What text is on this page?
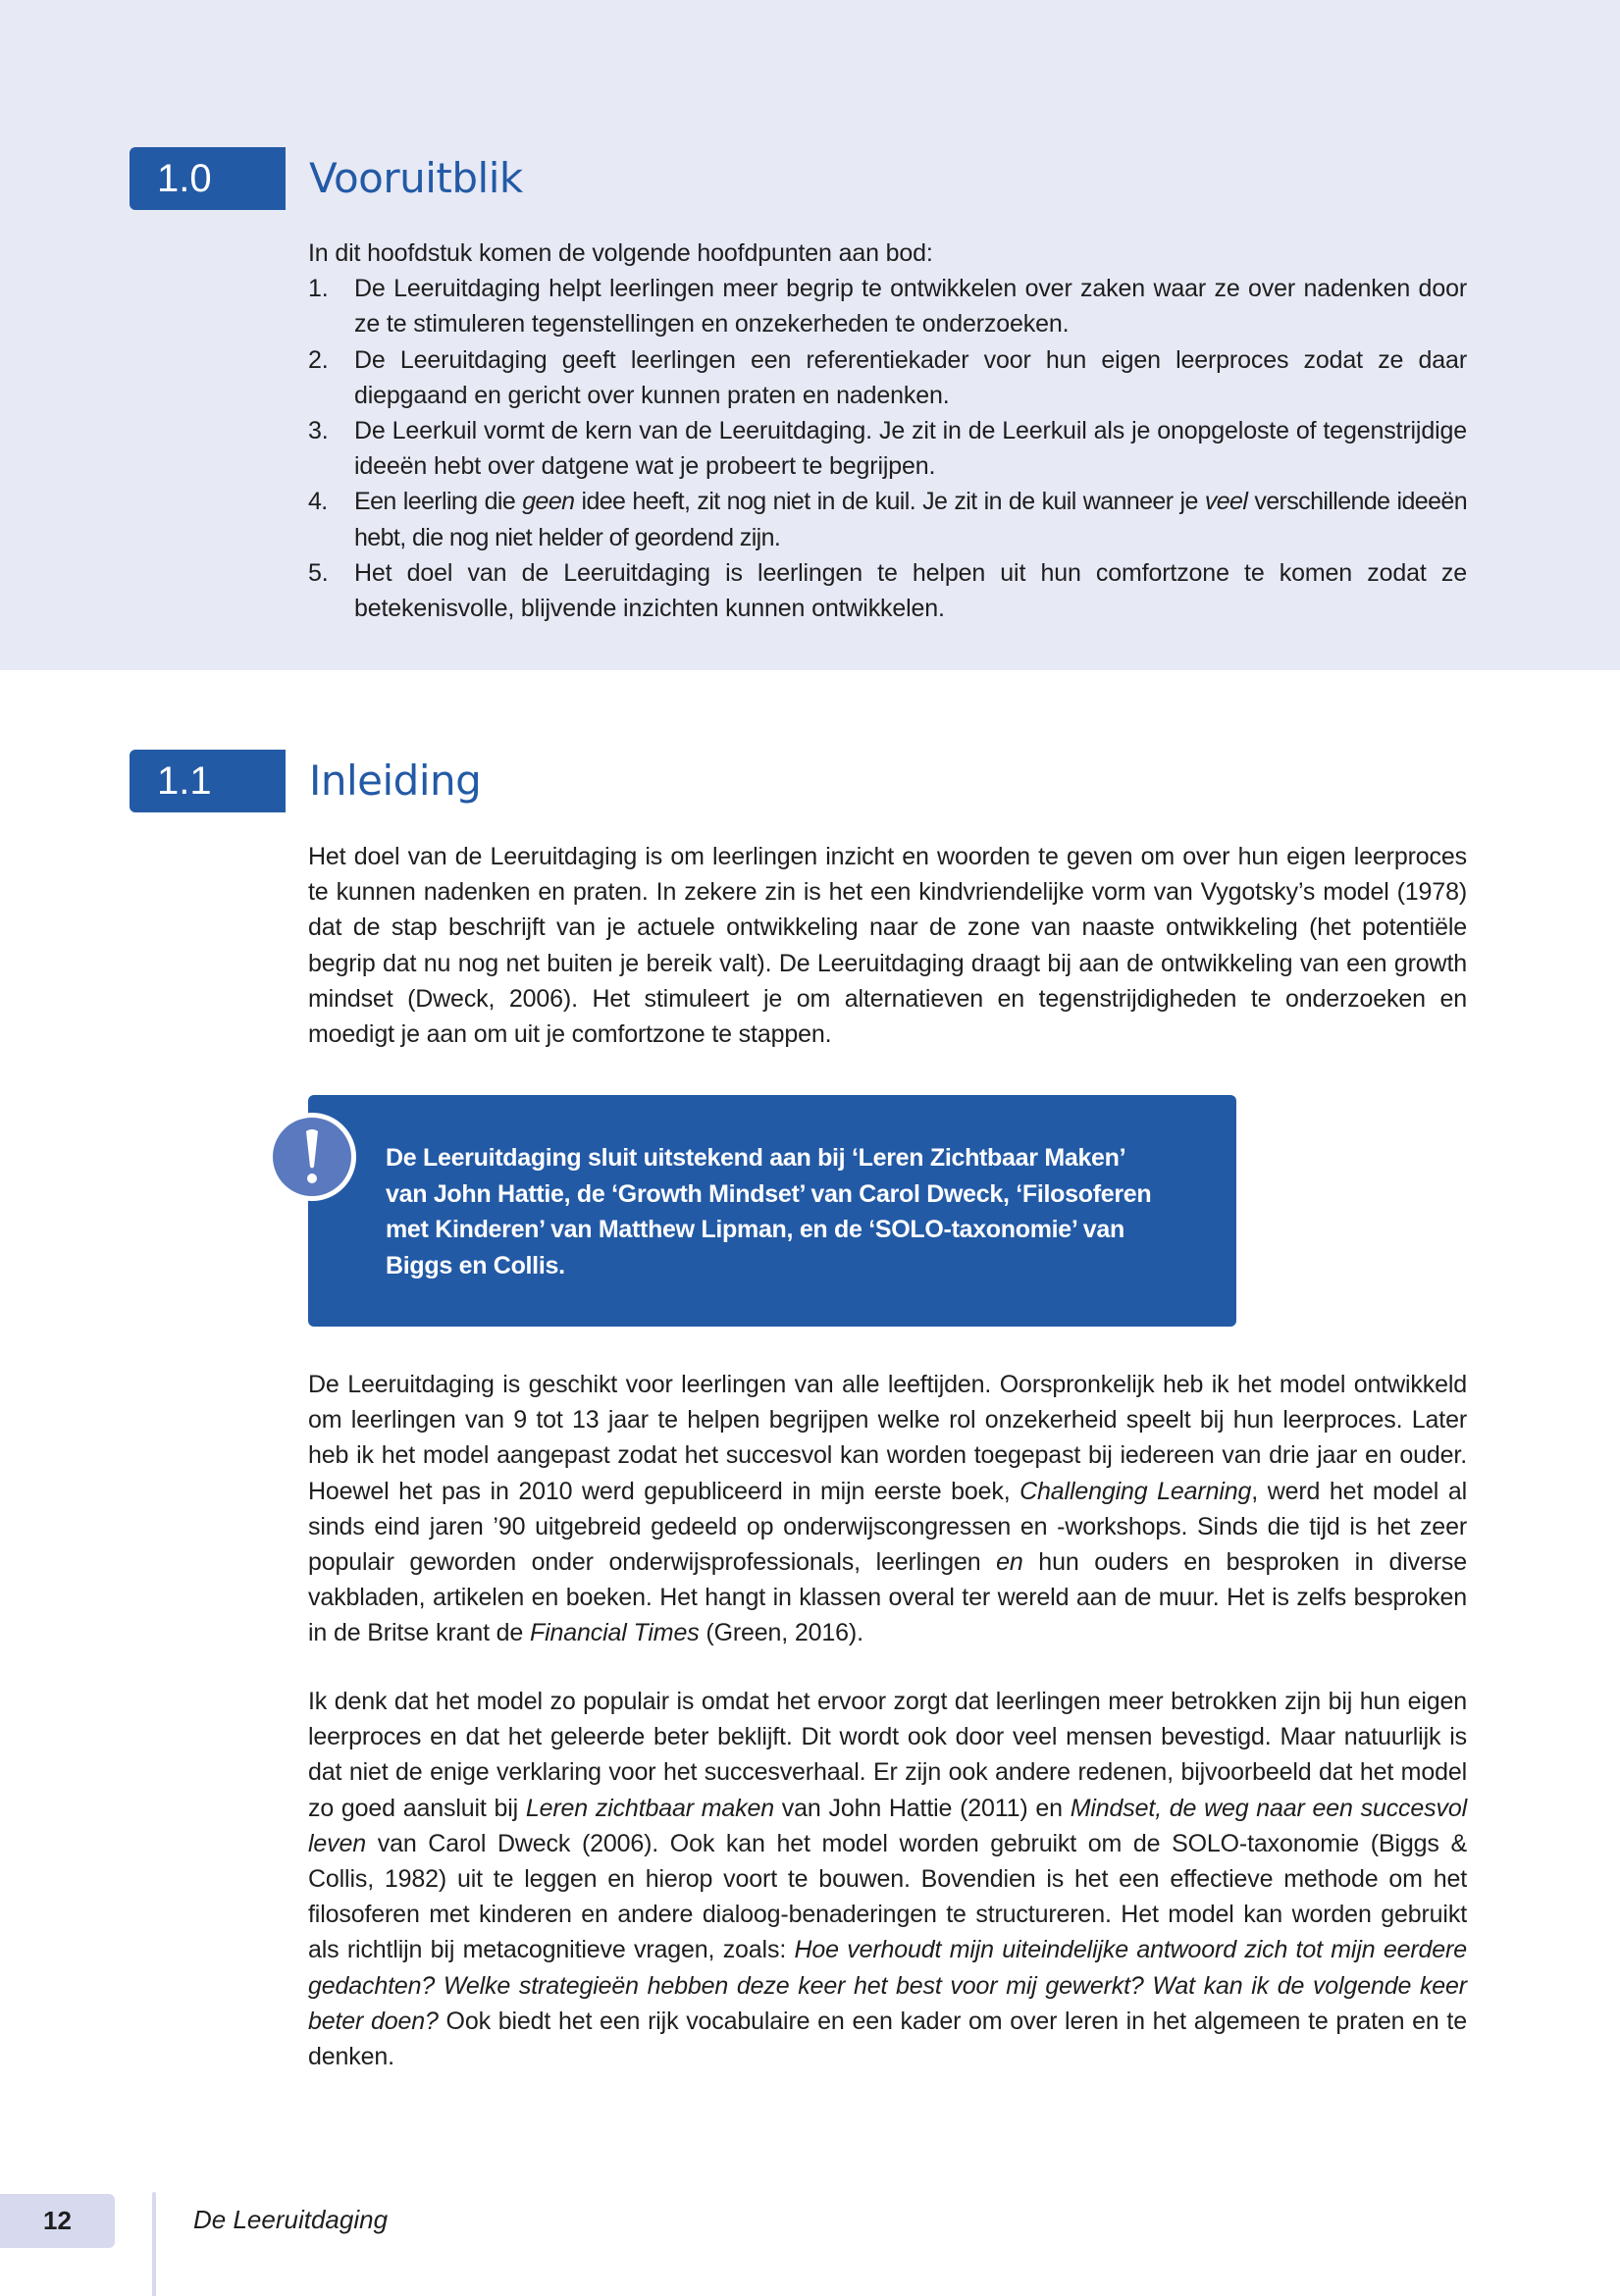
1.0	Vooruitblik

In dit hoofdstuk komen de volgende hoofdpunten aan bod:

1. De Leeruitdaging helpt leerlingen meer begrip te ontwikkelen over zaken waar ze over nadenken door ze te stimuleren tegenstellingen en onzekerheden te onderzoeken.
2. De Leeruitdaging geeft leerlingen een referentiekader voor hun eigen leerproces zodat ze daar diepgaand en gericht over kunnen praten en nadenken.
3. De Leerkuil vormt de kern van de Leeruitdaging. Je zit in de Leerkuil als je onopgeloste of tegenstrijdige ideeën hebt over datgene wat je probeert te begrijpen.
4. Een leerling die geen idee heeft, zit nog niet in de kuil. Je zit in de kuil wanneer je veel verschillende ideeën hebt, die nog niet helder of geordend zijn.
5. Het doel van de Leeruitdaging is leerlingen te helpen uit hun comfortzone te komen zodat ze betekenisvolle, blijvende inzichten kunnen ontwikkelen.
1.1	Inleiding

Het doel van de Leeruitdaging is om leerlingen inzicht en woorden te geven om over hun eigen leerproces te kunnen nadenken en praten. In zekere zin is het een kindvriendelijke vorm van Vygotsky’s model (1978) dat de stap beschrijft van je actuele ontwikkeling naar de zone van naaste ontwikkeling (het potentiële begrip dat nu nog net buiten je bereik valt). De Leeruitdaging draagt bij aan de ontwikkeling van een growth mindset (Dweck, 2006). Het stimuleert je om alternatieven en tegenstrijdigheden te onderzoeken en moedigt je aan om uit je comfortzone te stappen.

De Leeruitdaging sluit uitstekend aan bij ‘Leren Zichtbaar Maken’ van John Hattie, de ‘Growth Mindset’ van Carol Dweck, ‘Filosoferen met Kinderen’ van Matthew Lipman, en de ‘SOLO-taxonomie’ van Biggs en Collis.

De Leeruitdaging is geschikt voor leerlingen van alle leeftijden. Oorspronkelijk heb ik het model ontwikkeld om leerlingen van 9 tot 13 jaar te helpen begrijpen welke rol onzekerheid speelt bij hun leerproces. Later heb ik het model aangepast zodat het succesvol kan worden toegepast bij iedereen van drie jaar en ouder. Hoewel het pas in 2010 werd gepubliceerd in mijn eerste boek, Challenging Learning, werd het model al sinds eind jaren ’90 uitgebreid gedeeld op onderwijscongressen en -workshops. Sinds die tijd is het zeer populair geworden onder onderwijsprofessionals, leerlingen en hun ouders en besproken in diverse vakbladen, artikelen en boeken. Het hangt in klassen overal ter wereld aan de muur. Het is zelfs besproken in de Britse krant de Financial Times (Green, 2016).

Ik denk dat het model zo populair is omdat het ervoor zorgt dat leerlingen meer betrokken zijn bij hun eigen leerproces en dat het geleerde beter beklijft. Dit wordt ook door veel mensen bevestigd. Maar natuurlijk is dat niet de enige verklaring voor het succesverhaal. Er zijn ook andere redenen, bijvoorbeeld dat het model zo goed aansluit bij Leren zichtbaar maken van John Hattie (2011) en Mindset, de weg naar een succesvol leven van Carol Dweck (2006). Ook kan het model worden gebruikt om de SOLO-taxonomie (Biggs & Collis, 1982) uit te leggen en hierop voort te bouwen. Bovendien is het een effectieve methode om het filosoferen met kinderen en andere dialoog-benaderingen te structureren. Het model kan worden gebruikt als richtlijn bij metacognitieve vragen, zoals: Hoe verhoudt mijn uiteindelijke antwoord zich tot mijn eerdere gedachten? Welke strategieën hebben deze keer het best voor mij gewerkt? Wat kan ik de volgende keer beter doen? Ook biedt het een rijk vocabulaire en een kader om over leren in het algemeen te praten en te denken.

12	De Leeruitdaging
